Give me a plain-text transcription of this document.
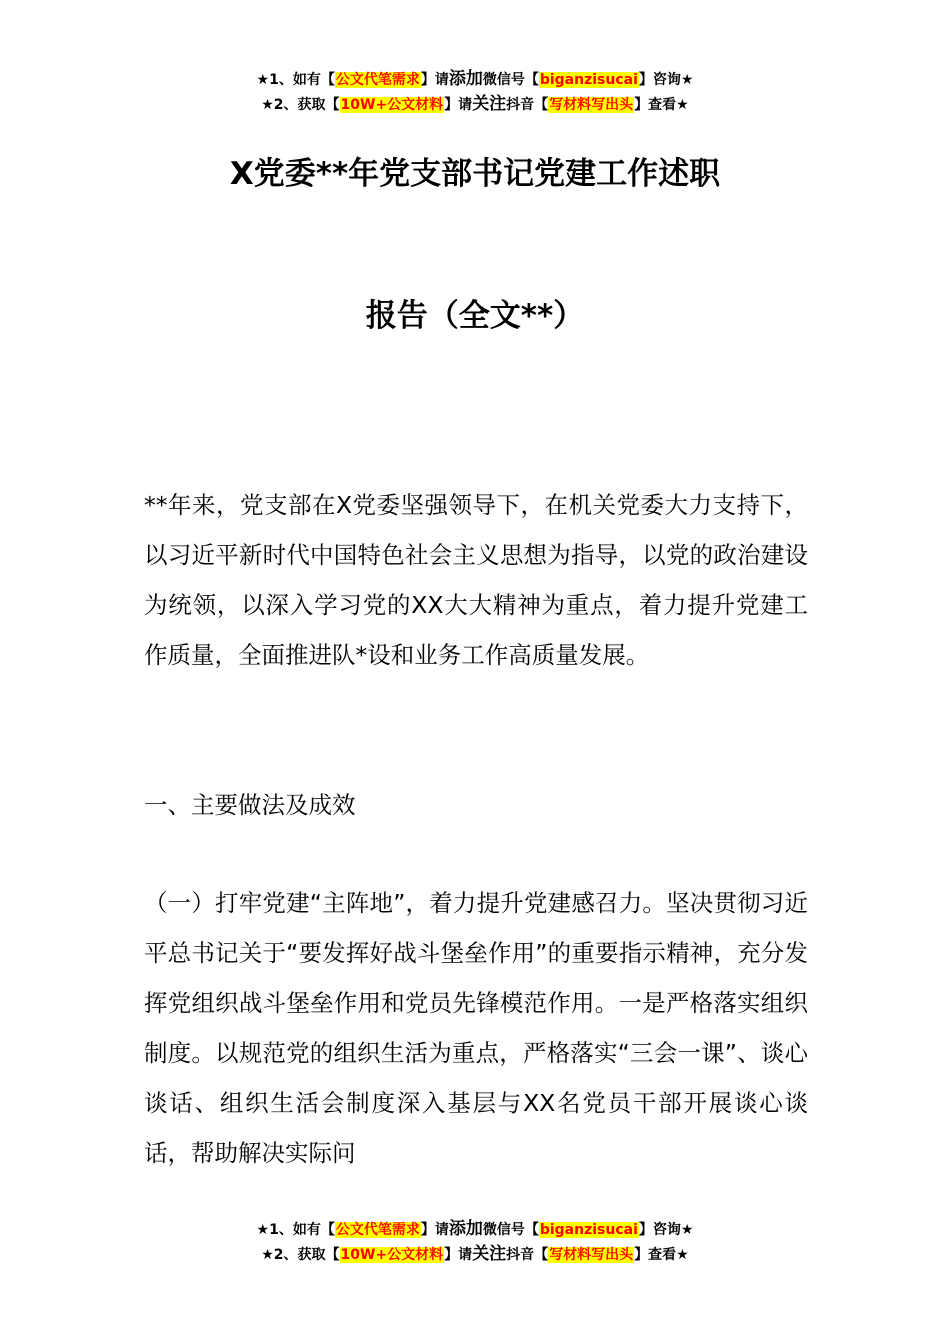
★1、如有【公文代笔需求】请添加微信号【biganzisucai】咨询★
★2、获取【10W+公文材料】请关注抖音【写材料写出头】查看★
X党委**年党支部书记党建工作述职
报告（全文**）
**年来，党支部在X党委坚强领导下，在机关党委大力支持下，以习近平新时代中国特色社会主义思想为指导，以党的政治建设为统领，以深入学习党的XX大大精神为重点，着力提升党建工作质量，全面推进队*设和业务工作高质量发展。
一、主要做法及成效
（一）打牢党建“主阵地”，着力提升党建感召力。坚决贯彻习近平总书记关于“要发挥好战斗堡垒作用”的重要指示精神，充分发挥党组织战斗堡垒作用和党员先锋模范作用。一是严格落实组织制度。以规范党的组织生活为重点，严格落实“三会一课”、谈心谈话、组织生活会制度深入基层与XX名党员干部开展谈心谈话，帮助解决实际问
★1、如有【公文代笔需求】请添加微信号【biganzisucai】咨询★
★2、获取【10W+公文材料】请关注抖音【写材料写出头】查看★
